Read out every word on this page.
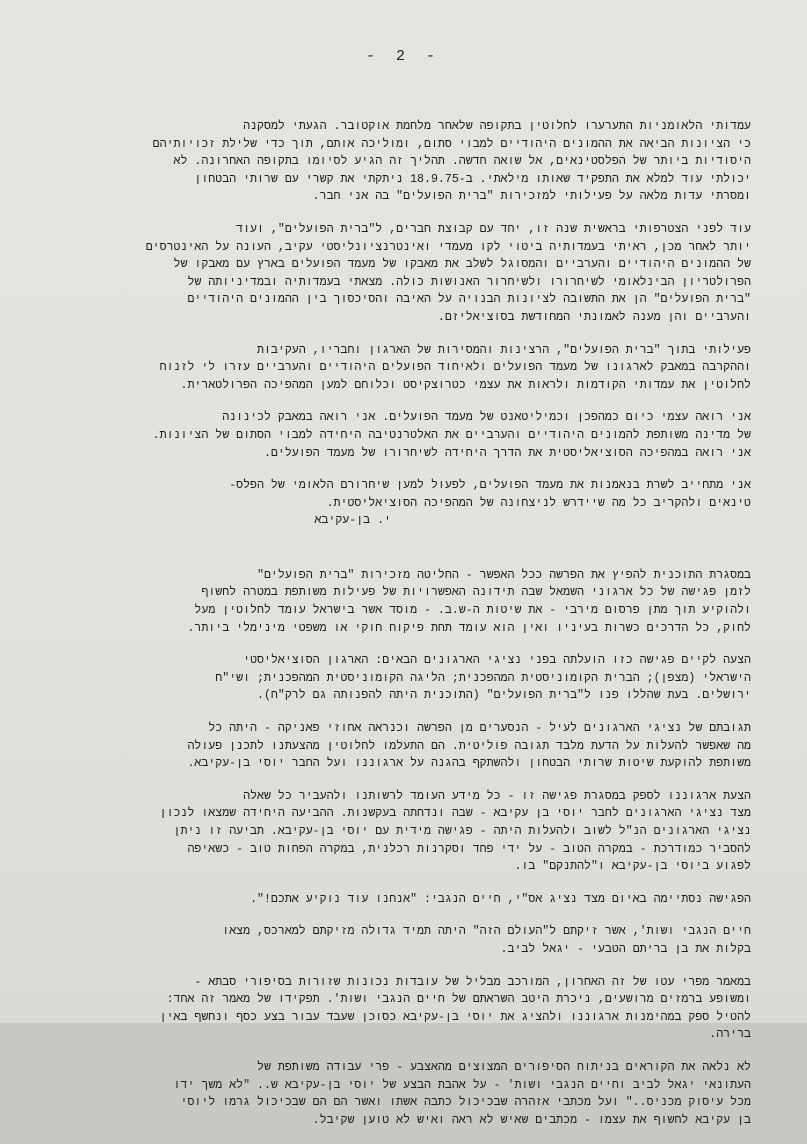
- 2 -
עמדותי הלאומניות התערערו לחלוטין בתקופה שלאחר מלחמת אוקטובר. הגעתי למסקנה
כי הציונות הביאה את ההמונים היהודיים למבוי סתום, ומוליכה אותם, תוך כדי שלילת זכויותיהם
היסודיות ביותר של הפלסטינאים, אל שואה חדשה. תהליך זה הגיע לסיומו בתקופה האחרונה. לא
יכולתי עוד למלא את התפקיד שאותו מילאתי. ב-18.9.75 ניתקתי את קשרי עם שרותי הבטחון
ומסרתי עדות מלאה על פעילותי למזכירות "ברית הפועלים" בה אני חבר.
עוד לפני הצטרפותי בראשית שנה זו, יחד עם קבוצת חברים, ל"ברית הפועלים", ועוד
יותר לאחר מכן, ראיתי בעמדותיה ביטוי לקו מעמדי ואינטרנציונליסטי עקיב, העונה על האינטרסים
של ההמונים היהודיים והערביים והמסוגל לשלב את מאבקו של מעמד הפועלים בארץ עם מאבקו של
הפרולטריון הבינלאומי לשיחרורו ולשיחרור האנושות כולה. מצאתי בעמדותיה ובמדיניותה של
"ברית הפועלים" הן את התשובה לציונות הבנויה על האיבה והסיכסוך בין ההמונים היהודיים
והערביים והן מענה לאמונתי המחודשת בסוציאליזם.
פעילותי בתוך "ברית הפועלים", הרצינות והמסירות של הארגון וחבריו, העקיבות
וההקרבה במאבק לארגונו של מעמד הפועלים ולאיחוד הפועלים היהודיים והערביים עזרו לי לזנוח
לחלוטין את עמדותי הקודמות ולראות את עצמי כטרוצקיסט וכלוחם למען המהפיכה הפרולטארית.
אני רואה עצמי כיום כמהפכן וכמיליטאנט של מעמד הפועלים. אני רואה במאבק לכינונה
של מדינה משותפת להמונים היהודיים והערביים את האלטרנטיבה היחידה למבוי הסתום של הציונות.
אני רואה במהפיכה הסוציאליסטית את הדרך היחידה לשיחרורו של מעמד הפועלים.
אני מתחייב לשרת בנאמנות את מעמד הפועלים, לפעול למען שיחרורם הלאומי של הפלס-
טינאים ולהקריב כל מה שיידרש לניצחונה של המהפיכה הסוציאליסטית.
י. בן-עקיבא
במסגרת התוכנית להפיץ את הפרשה ככל האפשר - החליטה מזכירות "ברית הפועלים"
לזמן פגישה של כל ארגוני השמאל שבה תידונה האפשרויות של פעילות משותפת במטרה לחשוף
ולהוקיע תוך מתן פרסום מירבי - את שיטות ה-ש.ב. - מוסד אשר בישראל עומד לחלוטין מעל
לחוק, כל הדרכים כשרות בעיניו ואין הוא עומד תחת פיקוח חוקי או משפטי מינימלי ביותר.
הצעה לקיים פגישה כזו הועלתה בפני נציגי הארגונים הבאים: הארגון הסוציאליסטי
הישראלי (מצפן); הברית הקומוניסטית המהפכנית; הליגה הקומוניסטית המהפכנית; ושי"ח
ירושלים. בעת שהללו פנו ל"ברית הפועלים" (התוכנית היתה להפנותה גם לרק"ח).
תגובתם של נציגי הארגונים לעיל - הנסערים מן הפרשה וכנראה אחוזי פאניקה - היתה כל
מה שאפשר להעלות על הדעת מלבד תגובה פוליטית. הם התעלמו לחלוטין מהצעתנו לתכנן פעולה
משותפת להוקעת שיטות שרותי הבטחון ולהשתקף בהגנה על ארגוננו ועל החבר יוסי בן-עקיבא.
הצעת ארגוננו לספק במסגרת פגישה זו - כל מידע העומד לרשותנו ולהעביר כל שאלה
מצד נציגי הארגונים לחבר יוסי בן עקיבא - שבה ונדחתה בעקשנות. ההביעה היחידה שמצאו לנכון
נציגי הארגונים הנ"ל לשוב ולהעלות היתה - פגישה מידית עם יוסי בן-עקיבא. תביעה זו ניתן
להסביר כמודרכת - במקרה הטוב - על ידי פחד וסקרנות רכלנית, במקרה הפחות טוב - כשאיפה
לפגוע ביוסי בן-עקיבא ו"להתנקם" בו.
הפגישה נסתיימה באיום מצד נציג אס"י, חיים הנגבי: "אנחנו עוד נוקיע אתכם!".
חיים הנגבי ושות', אשר זיקתם ל"העולם הזה" היתה תמיד גדולה מזיקתם למארכס, מצאו
בקלות את בן בריתם הטבעי - יגאל לביב.
במאמר מפרי עטו של זה האחרון, המורכב מבליל של עובדות נכונות שזורות בסיפורי סבתא -
ומשופע ברמזים מרושעים, ניכרת היטב השראתם של חיים הנגבי ושות'. תפקידו של מאמר זה אחד:
להטיל ספק במהימנות ארגוננו ולהציג את יוסי בן-עקיבא כסוכן שעבד עבור בצע כסף ונחשף באין
ברירה.
לא נלאה את הקוראים בניתוח הסיפורים המצוצים מהאצבע - פרי עבודה משותפת של
העתונאי יגאל לביב וחיים הנגבי ושות' - על אהבת הבצע של יוסי בן-עקיבא ש.. "לא משך ידו
מכל עיסוק מכניס.." ועל מכתבי אזהרה שבכיכול כתבה אשתו ואשר הם הם שבכיכול גרמו ליוסי
בן עקיבא לחשוף את עצמו - מכתבים שאיש לא ראה ואיש לא טוען שקיבל.
